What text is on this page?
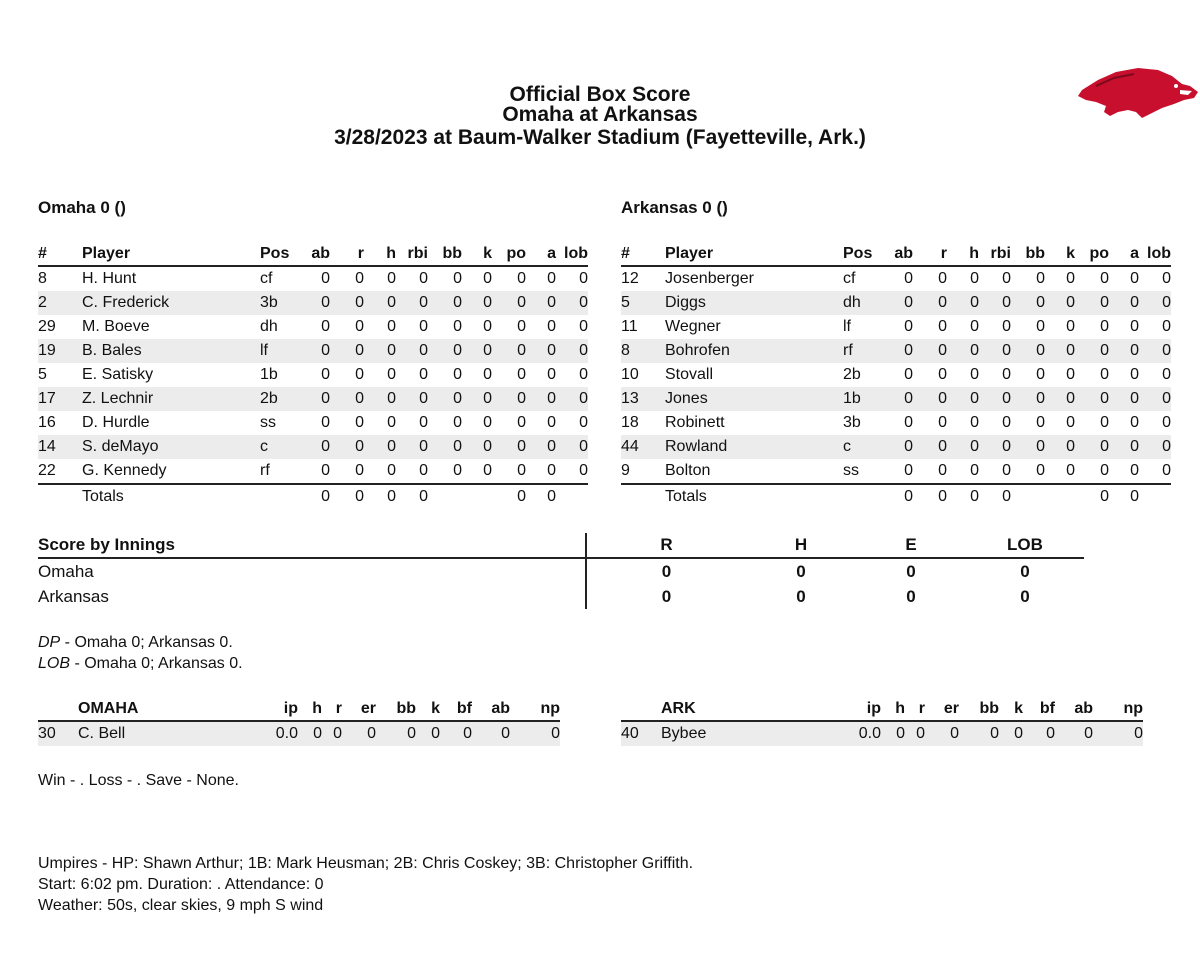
Official Box Score
Omaha at Arkansas
3/28/2023 at Baum-Walker Stadium (Fayetteville, Ark.)
Omaha 0 ()	Arkansas 0 ()
#	Player	Pos	ab	r	h	rbi	bb	k	po	a	lob
8	H. Hunt	cf	0	0	0	0	0	0	0	0	0
2	C. Frederick	3b	0	0	0	0	0	0	0	0	0
29	M. Boeve	dh	0	0	0	0	0	0	0	0	0
19	B. Bales	lf	0	0	0	0	0	0	0	0	0
5	E. Satisky	1b	0	0	0	0	0	0	0	0	0
17	Z. Lechnir	2b	0	0	0	0	0	0	0	0	0
16	D. Hurdle	ss	0	0	0	0	0	0	0	0	0
14	S. deMayo	c	0	0	0	0	0	0	0	0	0
22	G. Kennedy	rf	0	0	0	0	0	0	0	0	0
	Totals		0	0	0	0			0	0	
#	Player	Pos	ab	r	h	rbi	bb	k	po	a	lob
12	Josenberger	cf	0	0	0	0	0	0	0	0	0
5	Diggs	dh	0	0	0	0	0	0	0	0	0
11	Wegner	lf	0	0	0	0	0	0	0	0	0
8	Bohrofen	rf	0	0	0	0	0	0	0	0	0
10	Stovall	2b	0	0	0	0	0	0	0	0	0
13	Jones	1b	0	0	0	0	0	0	0	0	0
18	Robinett	3b	0	0	0	0	0	0	0	0	0
44	Rowland	c	0	0	0	0	0	0	0	0	0
9	Bolton	ss	0	0	0	0	0	0	0	0	0
	Totals		0	0	0	0			0	0	
Score by Innings	R	H	E	LOB
Omaha	0	0	0	0
Arkansas	0	0	0	0
DP - Omaha 0; Arkansas 0.
LOB - Omaha 0; Arkansas 0.
	OMAHA	ip	h	r	er	bb	k	bf	ab	np
30	C. Bell	0.0	0	0	0	0	0	0	0	0
	ARK	ip	h	r	er	bb	k	bf	ab	np
40	Bybee	0.0	0	0	0	0	0	0	0	0
Win - . Loss - . Save - None.
Umpires - HP: Shawn Arthur; 1B: Mark Heusman; 2B: Chris Coskey; 3B: Christopher Griffith.
Start: 6:02 pm. Duration: . Attendance: 0
Weather: 50s, clear skies, 9 mph S wind
